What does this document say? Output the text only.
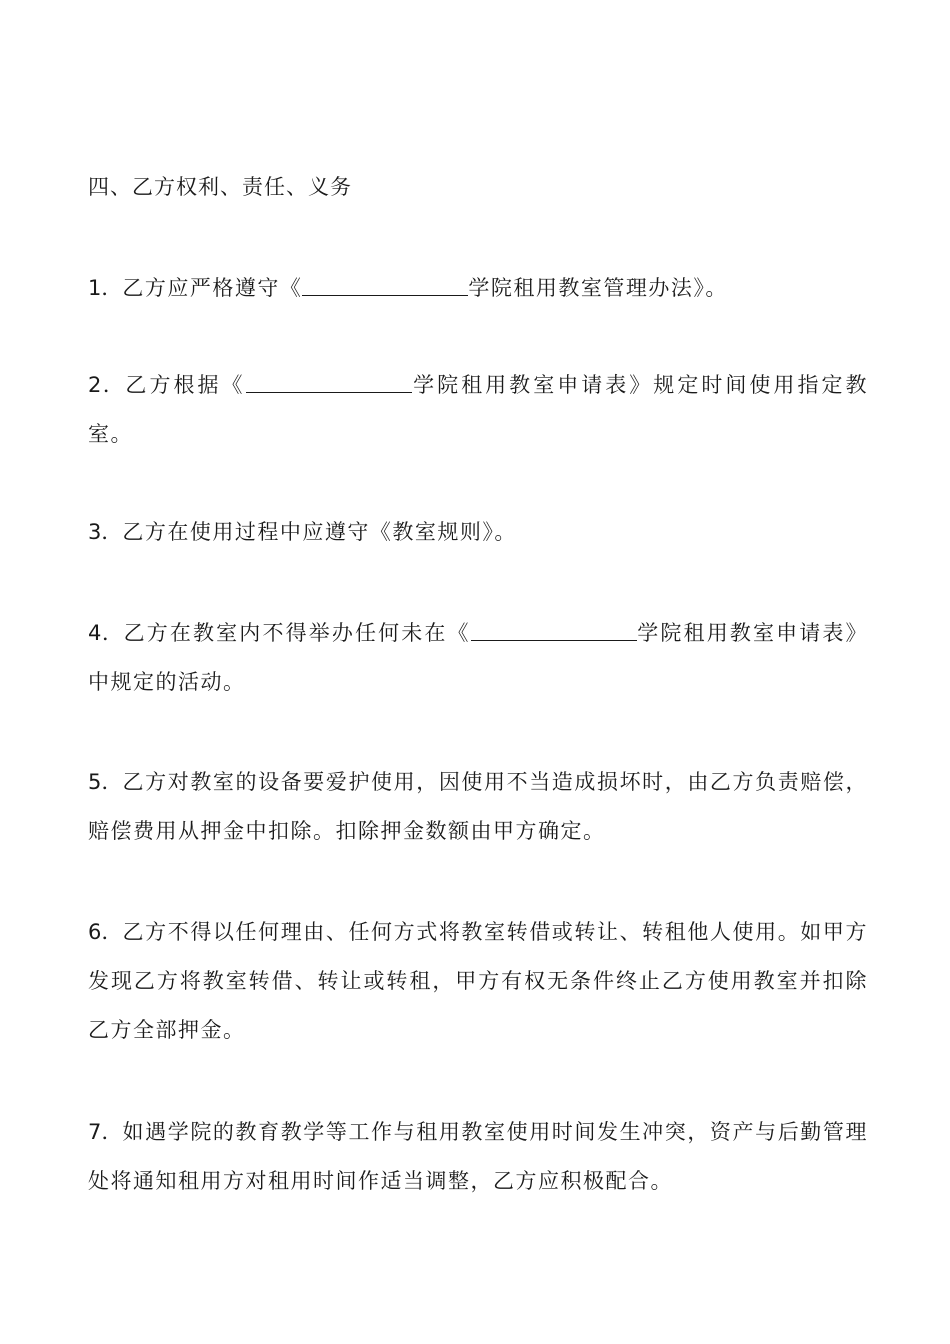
四、乙方权利、责任、义务

1．乙方应严格遵守《	学院租用教室管理办法》。

2．乙方根据《	学院租用教室申请表》规定时间使用指定教室。

3．乙方在使用过程中应遵守《教室规则》。

4．乙方在教室内不得举办任何未在《	学院租用教室申请表》中规定的活动。

5．乙方对教室的设备要爱护使用，因使用不当造成损坏时，由乙方负责赔偿，赔偿费用从押金中扣除。扣除押金数额由甲方确定。

6．乙方不得以任何理由、任何方式将教室转借或转让、转租他人使用。如甲方发现乙方将教室转借、转让或转租，甲方有权无条件终止乙方使用教室并扣除乙方全部押金。

7．如遇学院的教育教学等工作与租用教室使用时间发生冲突，资产与后勤管理处将通知租用方对租用时间作适当调整，乙方应积极配合。
